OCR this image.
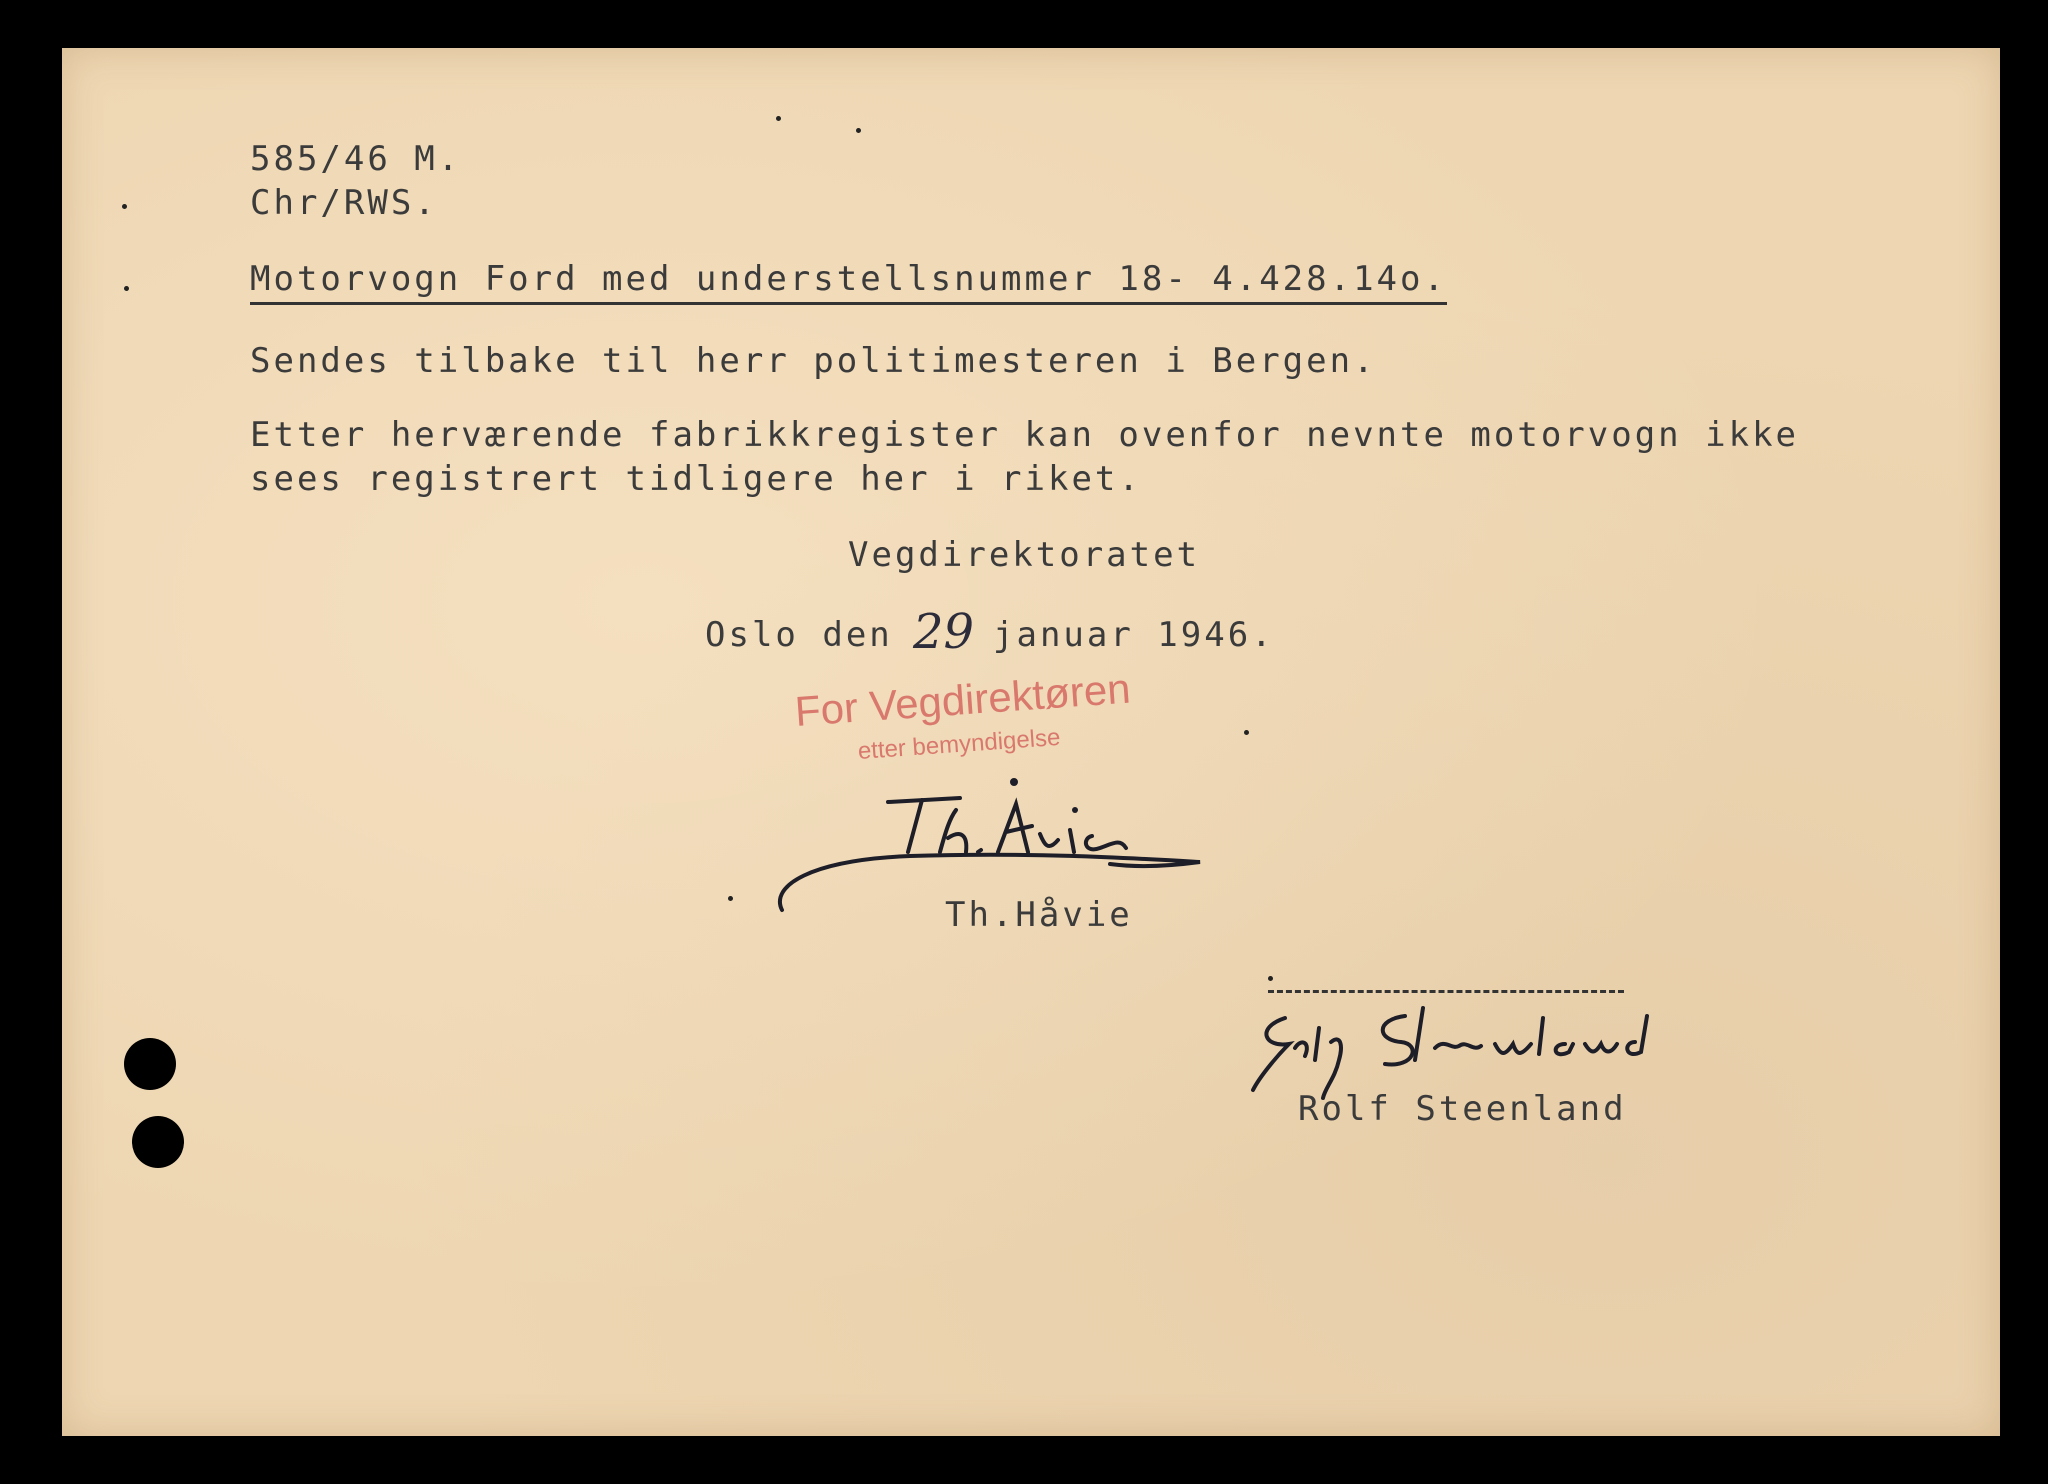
585/46 M.
Chr/RWS.
Motorvogn Ford med understellsnummer 18- 4.428.14o.
Sendes tilbake til herr politimesteren i Bergen.
Etter herværende fabrikkregister kan ovenfor nevnte motorvogn ikke
sees registrert tidligere her i riket.
Vegdirektoratet
Oslo den 29 januar 1946.
For Vegdirektøren
etter bemyndigelse
Th.Håvie
Rolf Steenland
